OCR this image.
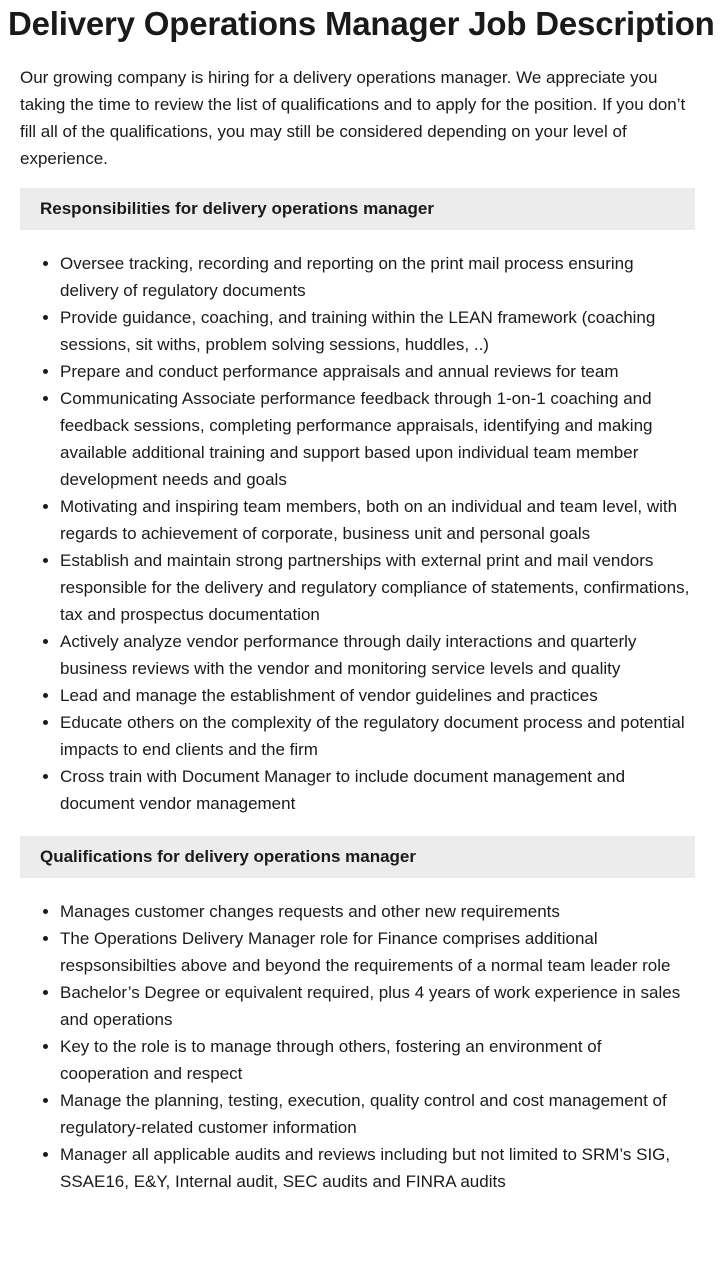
Delivery Operations Manager Job Description

Our growing company is hiring for a delivery operations manager. We appreciate you taking the time to review the list of qualifications and to apply for the position. If you don’t fill all of the qualifications, you may still be considered depending on your level of experience.

Responsibilities for delivery operations manager
• Oversee tracking, recording and reporting on the print mail process ensuring delivery of regulatory documents
• Provide guidance, coaching, and training within the LEAN framework (coaching sessions, sit withs, problem solving sessions, huddles, ..)
• Prepare and conduct performance appraisals and annual reviews for team
• Communicating Associate performance feedback through 1-on-1 coaching and feedback sessions, completing performance appraisals, identifying and making available additional training and support based upon individual team member development needs and goals
• Motivating and inspiring team members, both on an individual and team level, with regards to achievement of corporate, business unit and personal goals
• Establish and maintain strong partnerships with external print and mail vendors responsible for the delivery and regulatory compliance of statements, confirmations, tax and prospectus documentation
• Actively analyze vendor performance through daily interactions and quarterly business reviews with the vendor and monitoring service levels and quality
• Lead and manage the establishment of vendor guidelines and practices
• Educate others on the complexity of the regulatory document process and potential impacts to end clients and the firm
• Cross train with Document Manager to include document management and document vendor management
Qualifications for delivery operations manager
• Manages customer changes requests and other new requirements
• The Operations Delivery Manager role for Finance comprises additional respsonsibilties above and beyond the requirements of a normal team leader role
• Bachelor’s Degree or equivalent required, plus 4 years of work experience in sales and operations
• Key to the role is to manage through others, fostering an environment of cooperation and respect
• Manage the planning, testing, execution, quality control and cost management of regulatory-related customer information
• Manager all applicable audits and reviews including but not limited to SRM’s SIG, SSAE16, E&Y, Internal audit, SEC audits and FINRA audits
